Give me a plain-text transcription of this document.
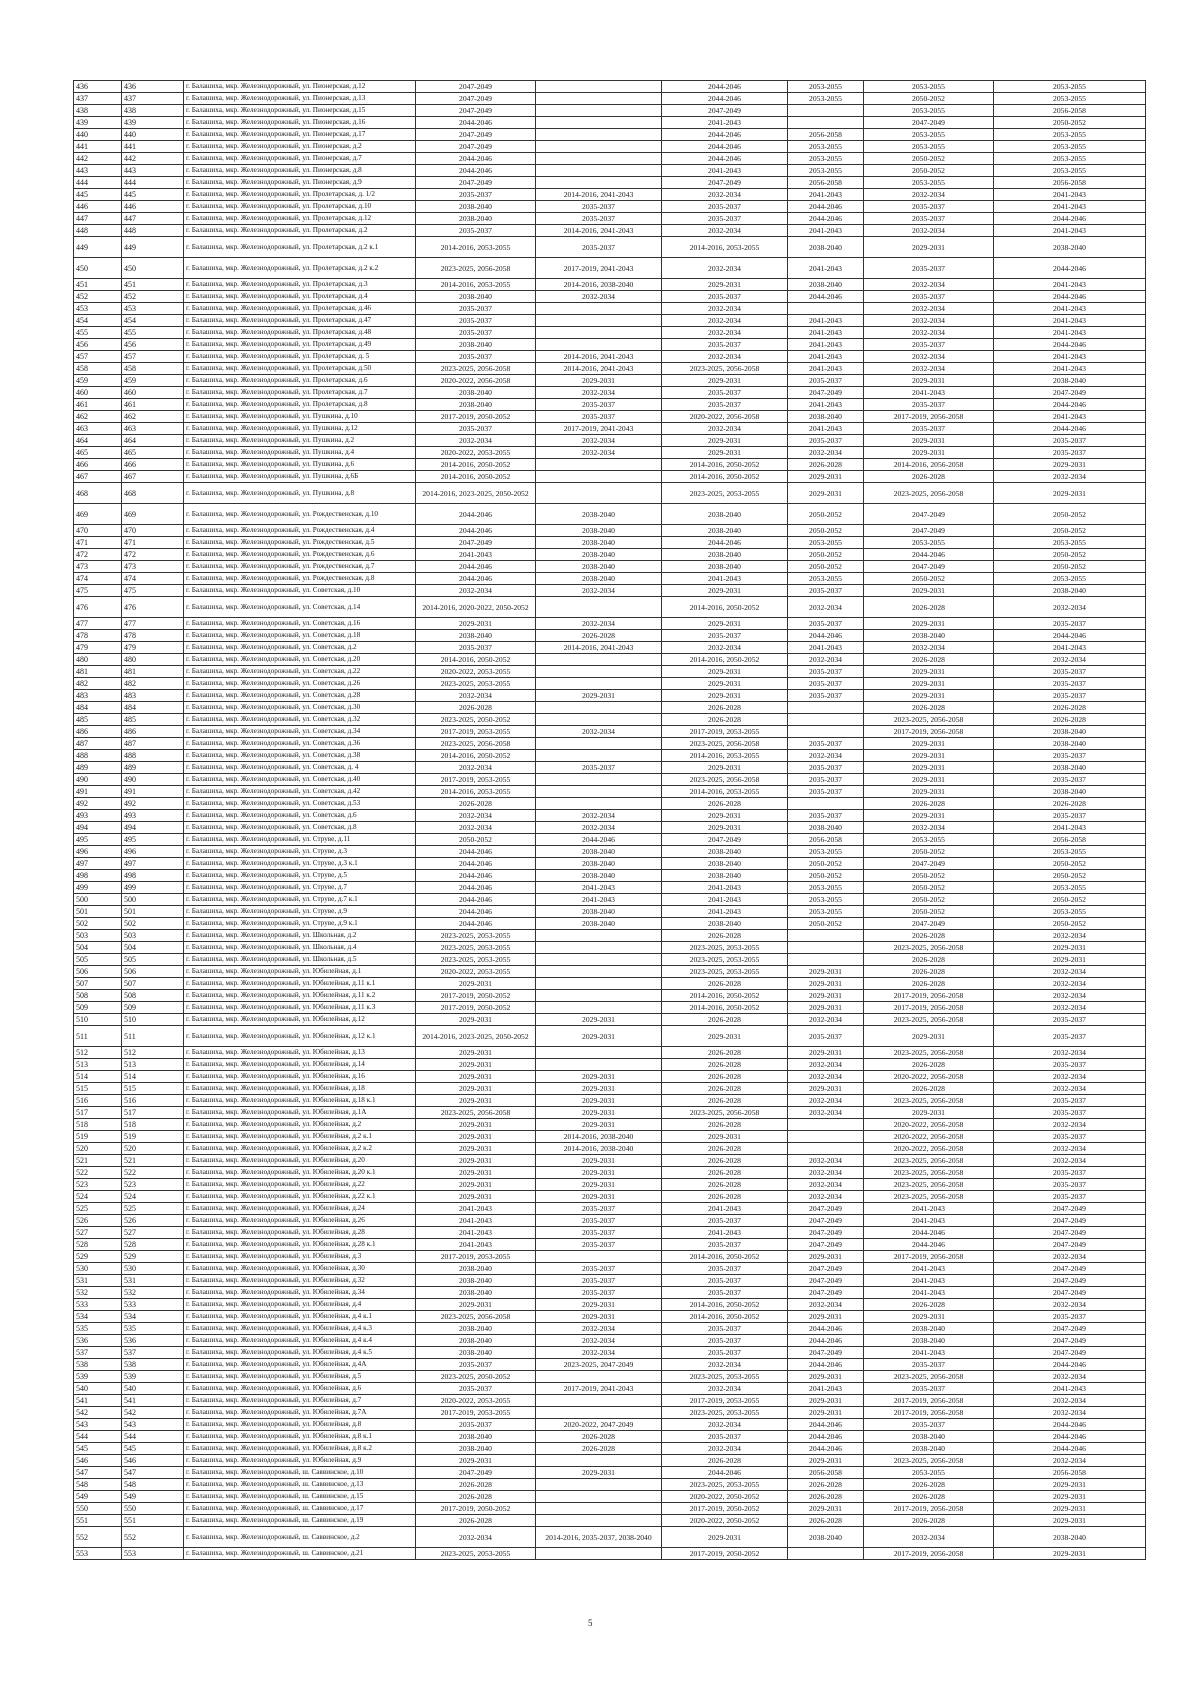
436	436	г. Балашиха, мкр. Железнодорожный, ул. Пионерская, д.12	2047-2049		2044-2046	2053-2055	2053-2055	2053-2055
437	437	г. Балашиха, мкр. Железнодорожный, ул. Пионерская, д.13	2047-2049		2044-2046	2053-2055	2050-2052	2053-2055
438	438	г. Балашиха, мкр. Железнодорожный, ул. Пионерская, д.15	2047-2049		2047-2049		2053-2055	2056-2058
439	439	г. Балашиха, мкр. Железнодорожный, ул. Пионерская, д.16	2044-2046		2041-2043		2047-2049	2050-2052
440	440	г. Балашиха, мкр. Железнодорожный, ул. Пионерская, д.17	2047-2049		2044-2046	2056-2058	2053-2055	2053-2055
441	441	г. Балашиха, мкр. Железнодорожный, ул. Пионерская, д.2	2047-2049		2044-2046	2053-2055	2053-2055	2053-2055
442	442	г. Балашиха, мкр. Железнодорожный, ул. Пионерская, д.7	2044-2046		2044-2046	2053-2055	2050-2052	2053-2055
443	443	г. Балашиха, мкр. Железнодорожный, ул. Пионерская, д.8	2044-2046		2041-2043	2053-2055	2050-2052	2053-2055
444	444	г. Балашиха, мкр. Железнодорожный, ул. Пионерская, д.9	2047-2049		2047-2049	2056-2058	2053-2055	2056-2058
445	445	г. Балашиха, мкр. Железнодорожный, ул. Пролетарская, д. 1/2	2035-2037	2014-2016, 2041-2043	2032-2034	2041-2043	2032-2034	2041-2043
446	446	г. Балашиха, мкр. Железнодорожный, ул. Пролетарская, д.10	2038-2040	2035-2037	2035-2037	2044-2046	2035-2037	2041-2043
447	447	г. Балашиха, мкр. Железнодорожный, ул. Пролетарская, д.12	2038-2040	2035-2037	2035-2037	2044-2046	2035-2037	2044-2046
448	448	г. Балашиха, мкр. Железнодорожный, ул. Пролетарская, д.2	2035-2037	2014-2016, 2041-2043	2032-2034	2041-2043	2032-2034	2041-2043
449	449	г. Балашиха, мкр. Железнодорожный, ул. Пролетарская, д.2 к.1	2014-2016, 2053-2055	2035-2037	2014-2016, 2053-2055	2038-2040	2029-2031	2038-2040
450	450	г. Балашиха, мкр. Железнодорожный, ул. Пролетарская, д.2 к.2	2023-2025, 2056-2058	2017-2019, 2041-2043	2032-2034	2041-2043	2035-2037	2044-2046
451	451	г. Балашиха, мкр. Железнодорожный, ул. Пролетарская, д.3	2014-2016, 2053-2055	2014-2016, 2038-2040	2029-2031	2038-2040	2032-2034	2041-2043
452	452	г. Балашиха, мкр. Железнодорожный, ул. Пролетарская, д.4	2038-2040	2032-2034	2035-2037	2044-2046	2035-2037	2044-2046
453	453	г. Балашиха, мкр. Железнодорожный, ул. Пролетарская, д.46	2035-2037		2032-2034		2032-2034	2041-2043
454	454	г. Балашиха, мкр. Железнодорожный, ул. Пролетарская, д.47	2035-2037		2032-2034	2041-2043	2032-2034	2041-2043
455	455	г. Балашиха, мкр. Железнодорожный, ул. Пролетарская, д.48	2035-2037		2032-2034	2041-2043	2032-2034	2041-2043
456	456	г. Балашиха, мкр. Железнодорожный, ул. Пролетарская, д.49	2038-2040		2035-2037	2041-2043	2035-2037	2044-2046
457	457	г. Балашиха, мкр. Железнодорожный, ул. Пролетарская, д. 5	2035-2037	2014-2016, 2041-2043	2032-2034	2041-2043	2032-2034	2041-2043
458	458	г. Балашиха, мкр. Железнодорожный, ул. Пролетарская, д.50	2023-2025, 2056-2058	2014-2016, 2041-2043	2023-2025, 2056-2058	2041-2043	2032-2034	2041-2043
459	459	г. Балашиха, мкр. Железнодорожный, ул. Пролетарская, д.6	2020-2022, 2056-2058	2029-2031	2029-2031	2035-2037	2029-2031	2038-2040
460	460	г. Балашиха, мкр. Железнодорожный, ул. Пролетарская, д.7	2038-2040	2032-2034	2035-2037	2047-2049	2041-2043	2047-2049
461	461	г. Балашиха, мкр. Железнодорожный, ул. Пролетарская, д.8	2038-2040	2035-2037	2035-2037	2041-2043	2035-2037	2044-2046
462	462	г. Балашиха, мкр. Железнодорожный, ул. Пушкина, д.10	2017-2019, 2050-2052	2035-2037	2020-2022, 2056-2058	2038-2040	2017-2019, 2056-2058	2041-2043
463	463	г. Балашиха, мкр. Железнодорожный, ул. Пушкина, д.12	2035-2037	2017-2019, 2041-2043	2032-2034	2041-2043	2035-2037	2044-2046
464	464	г. Балашиха, мкр. Железнодорожный, ул. Пушкина, д.2	2032-2034	2032-2034	2029-2031	2035-2037	2029-2031	2035-2037
465	465	г. Балашиха, мкр. Железнодорожный, ул. Пушкина, д.4	2020-2022, 2053-2055	2032-2034	2029-2031	2032-2034	2029-2031	2035-2037
466	466	г. Балашиха, мкр. Железнодорожный, ул. Пушкина, д.6	2014-2016, 2050-2052		2014-2016, 2050-2052	2026-2028	2014-2016, 2056-2058	2029-2031
467	467	г. Балашиха, мкр. Железнодорожный, ул. Пушкина, д.6Б	2014-2016, 2050-2052		2014-2016, 2050-2052	2029-2031	2026-2028	2032-2034
468	468	г. Балашиха, мкр. Железнодорожный, ул. Пушкина, д.8	2014-2016, 2023-2025, 2050-2052		2023-2025, 2053-2055	2029-2031	2023-2025, 2056-2058	2029-2031
469	469	г. Балашиха, мкр. Железнодорожный, ул. Рождественская, д.10	2044-2046	2038-2040	2038-2040	2050-2052	2047-2049	2050-2052
470	470	г. Балашиха, мкр. Железнодорожный, ул. Рождественская, д.4	2044-2046	2038-2040	2038-2040	2050-2052	2047-2049	2050-2052
471	471	г. Балашиха, мкр. Железнодорожный, ул. Рождественская, д.5	2047-2049	2038-2040	2044-2046	2053-2055	2053-2055	2053-2055
472	472	г. Балашиха, мкр. Железнодорожный, ул. Рождественская, д.6	2041-2043	2038-2040	2038-2040	2050-2052	2044-2046	2050-2052
473	473	г. Балашиха, мкр. Железнодорожный, ул. Рождественская, д.7	2044-2046	2038-2040	2038-2040	2050-2052	2047-2049	2050-2052
474	474	г. Балашиха, мкр. Железнодорожный, ул. Рождественская, д.8	2044-2046	2038-2040	2041-2043	2053-2055	2050-2052	2053-2055
475	475	г. Балашиха, мкр. Железнодорожный, ул. Советская, д.10	2032-2034	2032-2034	2029-2031	2035-2037	2029-2031	2038-2040
476	476	г. Балашиха, мкр. Железнодорожный, ул. Советская, д.14	2014-2016, 2020-2022, 2050-2052		2014-2016, 2050-2052	2032-2034	2026-2028	2032-2034
477	477	г. Балашиха, мкр. Железнодорожный, ул. Советская, д.16	2029-2031	2032-2034	2029-2031	2035-2037	2029-2031	2035-2037
478	478	г. Балашиха, мкр. Железнодорожный, ул. Советская, д.18	2038-2040	2026-2028	2035-2037	2044-2046	2038-2040	2044-2046
479	479	г. Балашиха, мкр. Железнодорожный, ул. Советская, д.2	2035-2037	2014-2016, 2041-2043	2032-2034	2041-2043	2032-2034	2041-2043
480	480	г. Балашиха, мкр. Железнодорожный, ул. Советская, д.20	2014-2016, 2050-2052		2014-2016, 2050-2052	2032-2034	2026-2028	2032-2034
481	481	г. Балашиха, мкр. Железнодорожный, ул. Советская, д.22	2020-2022, 2053-2055		2029-2031	2035-2037	2029-2031	2035-2037
482	482	г. Балашиха, мкр. Железнодорожный, ул. Советская, д.26	2023-2025, 2053-2055		2029-2031	2035-2037	2029-2031	2035-2037
483	483	г. Балашиха, мкр. Железнодорожный, ул. Советская, д.28	2032-2034	2029-2031	2029-2031	2035-2037	2029-2031	2035-2037
484	484	г. Балашиха, мкр. Железнодорожный, ул. Советская, д.30	2026-2028		2026-2028		2026-2028	2026-2028
485	485	г. Балашиха, мкр. Железнодорожный, ул. Советская, д.32	2023-2025, 2050-2052		2026-2028		2023-2025, 2056-2058	2026-2028
486	486	г. Балашиха, мкр. Железнодорожный, ул. Советская, д.34	2017-2019, 2053-2055	2032-2034	2017-2019, 2053-2055		2017-2019, 2056-2058	2038-2040
487	487	г. Балашиха, мкр. Железнодорожный, ул. Советская, д.36	2023-2025, 2056-2058		2023-2025, 2056-2058	2035-2037	2029-2031	2038-2040
488	488	г. Балашиха, мкр. Железнодорожный, ул. Советская, д.38	2014-2016, 2050-2052		2014-2016, 2053-2055	2032-2034	2029-2031	2035-2037
489	489	г. Балашиха, мкр. Железнодорожный, ул. Советская, д. 4	2032-2034	2035-2037	2029-2031	2035-2037	2029-2031	2038-2040
490	490	г. Балашиха, мкр. Железнодорожный, ул. Советская, д.40	2017-2019, 2053-2055		2023-2025, 2056-2058	2035-2037	2029-2031	2035-2037
491	491	г. Балашиха, мкр. Железнодорожный, ул. Советская, д.42	2014-2016, 2053-2055		2014-2016, 2053-2055	2035-2037	2029-2031	2038-2040
492	492	г. Балашиха, мкр. Железнодорожный, ул. Советская, д.53	2026-2028		2026-2028		2026-2028	2026-2028
493	493	г. Балашиха, мкр. Железнодорожный, ул. Советская, д.6	2032-2034	2032-2034	2029-2031	2035-2037	2029-2031	2035-2037
494	494	г. Балашиха, мкр. Железнодорожный, ул. Советская, д.8	2032-2034	2032-2034	2029-2031	2038-2040	2032-2034	2041-2043
495	495	г. Балашиха, мкр. Железнодорожный, ул. Струве, д.11	2050-2052	2044-2046	2047-2049	2056-2058	2053-2055	2056-2058
496	496	г. Балашиха, мкр. Железнодорожный, ул. Струве, д.3	2044-2046	2038-2040	2038-2040	2053-2055	2050-2052	2053-2055
497	497	г. Балашиха, мкр. Железнодорожный, ул. Струве, д.3 к.1	2044-2046	2038-2040	2038-2040	2050-2052	2047-2049	2050-2052
498	498	г. Балашиха, мкр. Железнодорожный, ул. Струве, д.5	2044-2046	2038-2040	2038-2040	2050-2052	2050-2052	2050-2052
499	499	г. Балашиха, мкр. Железнодорожный, ул. Струве, д.7	2044-2046	2041-2043	2041-2043	2053-2055	2050-2052	2053-2055
500	500	г. Балашиха, мкр. Железнодорожный, ул. Струве, д.7 к.1	2044-2046	2041-2043	2041-2043	2053-2055	2050-2052	2050-2052
501	501	г. Балашиха, мкр. Железнодорожный, ул. Струве, д.9	2044-2046	2038-2040	2041-2043	2053-2055	2050-2052	2053-2055
502	502	г. Балашиха, мкр. Железнодорожный, ул. Струве, д.9 к.1	2044-2046	2038-2040	2038-2040	2050-2052	2047-2049	2050-2052
503	503	г. Балашиха, мкр. Железнодорожный, ул. Школьная, д.2	2023-2025, 2053-2055		2026-2028		2026-2028	2032-2034
504	504	г. Балашиха, мкр. Железнодорожный, ул. Школьная, д.4	2023-2025, 2053-2055		2023-2025, 2053-2055		2023-2025, 2056-2058	2029-2031
505	505	г. Балашиха, мкр. Железнодорожный, ул. Школьная, д.5	2023-2025, 2053-2055		2023-2025, 2053-2055		2026-2028	2029-2031
506	506	г. Балашиха, мкр. Железнодорожный, ул. Юбилейная, д.1	2020-2022, 2053-2055		2023-2025, 2053-2055	2029-2031	2026-2028	2032-2034
507	507	г. Балашиха, мкр. Железнодорожный, ул. Юбилейная, д.11 к.1	2029-2031		2026-2028	2029-2031	2026-2028	2032-2034
508	508	г. Балашиха, мкр. Железнодорожный, ул. Юбилейная, д.11 к.2	2017-2019, 2050-2052		2014-2016, 2050-2052	2029-2031	2017-2019, 2056-2058	2032-2034
509	509	г. Балашиха, мкр. Железнодорожный, ул. Юбилейная, д.11 к.3	2017-2019, 2050-2052		2014-2016, 2050-2052	2029-2031	2017-2019, 2056-2058	2032-2034
510	510	г. Балашиха, мкр. Железнодорожный, ул. Юбилейная, д.12	2029-2031	2029-2031	2026-2028	2032-2034	2023-2025, 2056-2058	2035-2037
511	511	г. Балашиха, мкр. Железнодорожный, ул. Юбилейная, д.12 к.1	2014-2016, 2023-2025, 2050-2052	2029-2031	2029-2031	2035-2037	2029-2031	2035-2037
512	512	г. Балашиха, мкр. Железнодорожный, ул. Юбилейная, д.13	2029-2031		2026-2028	2029-2031	2023-2025, 2056-2058	2032-2034
513	513	г. Балашиха, мкр. Железнодорожный, ул. Юбилейная, д.14	2029-2031		2026-2028	2032-2034	2026-2028	2035-2037
514	514	г. Балашиха, мкр. Железнодорожный, ул. Юбилейная, д.16	2029-2031	2029-2031	2026-2028	2032-2034	2020-2022, 2056-2058	2032-2034
515	515	г. Балашиха, мкр. Железнодорожный, ул. Юбилейная, д.18	2029-2031	2029-2031	2026-2028	2029-2031	2026-2028	2032-2034
516	516	г. Балашиха, мкр. Железнодорожный, ул. Юбилейная, д.18 к.1	2029-2031	2029-2031	2026-2028	2032-2034	2023-2025, 2056-2058	2035-2037
517	517	г. Балашиха, мкр. Железнодорожный, ул. Юбилейная, д.1А	2023-2025, 2056-2058	2029-2031	2023-2025, 2056-2058	2032-2034	2029-2031	2035-2037
518	518	г. Балашиха, мкр. Железнодорожный, ул. Юбилейная, д.2	2029-2031	2029-2031	2026-2028		2020-2022, 2056-2058	2032-2034
519	519	г. Балашиха, мкр. Железнодорожный, ул. Юбилейная, д.2 к.1	2029-2031	2014-2016, 2038-2040	2029-2031		2020-2022, 2056-2058	2035-2037
520	520	г. Балашиха, мкр. Железнодорожный, ул. Юбилейная, д.2 к.2	2029-2031	2014-2016, 2038-2040	2026-2028		2020-2022, 2056-2058	2032-2034
521	521	г. Балашиха, мкр. Железнодорожный, ул. Юбилейная, д.20	2029-2031	2029-2031	2026-2028	2032-2034	2023-2025, 2056-2058	2032-2034
522	522	г. Балашиха, мкр. Железнодорожный, ул. Юбилейная, д.20 к.1	2029-2031	2029-2031	2026-2028	2032-2034	2023-2025, 2056-2058	2035-2037
523	523	г. Балашиха, мкр. Железнодорожный, ул. Юбилейная, д.22	2029-2031	2029-2031	2026-2028	2032-2034	2023-2025, 2056-2058	2035-2037
524	524	г. Балашиха, мкр. Железнодорожный, ул. Юбилейная, д.22 к.1	2029-2031	2029-2031	2026-2028	2032-2034	2023-2025, 2056-2058	2035-2037
525	525	г. Балашиха, мкр. Железнодорожный, ул. Юбилейная, д.24	2041-2043	2035-2037	2041-2043	2047-2049	2041-2043	2047-2049
526	526	г. Балашиха, мкр. Железнодорожный, ул. Юбилейная, д.26	2041-2043	2035-2037	2035-2037	2047-2049	2041-2043	2047-2049
527	527	г. Балашиха, мкр. Железнодорожный, ул. Юбилейная, д.28	2041-2043	2035-2037	2041-2043	2047-2049	2044-2046	2047-2049
528	528	г. Балашиха, мкр. Железнодорожный, ул. Юбилейная, д.28 к.1	2041-2043	2035-2037	2035-2037	2047-2049	2044-2046	2047-2049
529	529	г. Балашиха, мкр. Железнодорожный, ул. Юбилейная, д.3	2017-2019, 2053-2055		2014-2016, 2050-2052	2029-2031	2017-2019, 2056-2058	2032-2034
530	530	г. Балашиха, мкр. Железнодорожный, ул. Юбилейная, д.30	2038-2040	2035-2037	2035-2037	2047-2049	2041-2043	2047-2049
531	531	г. Балашиха, мкр. Железнодорожный, ул. Юбилейная, д.32	2038-2040	2035-2037	2035-2037	2047-2049	2041-2043	2047-2049
532	532	г. Балашиха, мкр. Железнодорожный, ул. Юбилейная, д.34	2038-2040	2035-2037	2035-2037	2047-2049	2041-2043	2047-2049
533	533	г. Балашиха, мкр. Железнодорожный, ул. Юбилейная, д.4	2029-2031	2029-2031	2014-2016, 2050-2052	2032-2034	2026-2028	2032-2034
534	534	г. Балашиха, мкр. Железнодорожный, ул. Юбилейная, д.4 к.1	2023-2025, 2056-2058	2029-2031	2014-2016, 2050-2052	2029-2031	2029-2031	2035-2037
535	535	г. Балашиха, мкр. Железнодорожный, ул. Юбилейная, д.4 к.3	2038-2040	2032-2034	2035-2037	2044-2046	2038-2040	2047-2049
536	536	г. Балашиха, мкр. Железнодорожный, ул. Юбилейная, д.4 к.4	2038-2040	2032-2034	2035-2037	2044-2046	2038-2040	2047-2049
537	537	г. Балашиха, мкр. Железнодорожный, ул. Юбилейная, д.4 к.5	2038-2040	2032-2034	2035-2037	2047-2049	2041-2043	2047-2049
538	538	г. Балашиха, мкр. Железнодорожный, ул. Юбилейная, д.4А	2035-2037	2023-2025, 2047-2049	2032-2034	2044-2046	2035-2037	2044-2046
539	539	г. Балашиха, мкр. Железнодорожный, ул. Юбилейная, д.5	2023-2025, 2050-2052		2023-2025, 2053-2055	2029-2031	2023-2025, 2056-2058	2032-2034
540	540	г. Балашиха, мкр. Железнодорожный, ул. Юбилейная, д.6	2035-2037	2017-2019, 2041-2043	2032-2034	2041-2043	2035-2037	2041-2043
541	541	г. Балашиха, мкр. Железнодорожный, ул. Юбилейная, д.7	2020-2022, 2053-2055		2017-2019, 2053-2055	2029-2031	2017-2019, 2056-2058	2032-2034
542	542	г. Балашиха, мкр. Железнодорожный, ул. Юбилейная, д.7А	2017-2019, 2053-2055		2023-2025, 2053-2055	2029-2031	2017-2019, 2056-2058	2032-2034
543	543	г. Балашиха, мкр. Железнодорожный, ул. Юбилейная, д.8	2035-2037	2020-2022, 2047-2049	2032-2034	2044-2046	2035-2037	2044-2046
544	544	г. Балашиха, мкр. Железнодорожный, ул. Юбилейная, д.8 к.1	2038-2040	2026-2028	2035-2037	2044-2046	2038-2040	2044-2046
545	545	г. Балашиха, мкр. Железнодорожный, ул. Юбилейная, д.8 к.2	2038-2040	2026-2028	2032-2034	2044-2046	2038-2040	2044-2046
546	546	г. Балашиха, мкр. Железнодорожный, ул. Юбилейная, д.9	2029-2031		2026-2028	2029-2031	2023-2025, 2056-2058	2032-2034
547	547	г. Балашиха, мкр. Железнодорожный, ш. Саввинское, д.10	2047-2049	2029-2031	2044-2046	2056-2058	2053-2055	2056-2058
548	548	г. Балашиха, мкр. Железнодорожный, ш. Саввинское, д.13	2026-2028		2023-2025, 2053-2055	2026-2028	2026-2028	2029-2031
549	549	г. Балашиха, мкр. Железнодорожный, ш. Саввинское, д.15	2026-2028		2020-2022, 2050-2052	2026-2028	2026-2028	2029-2031
550	550	г. Балашиха, мкр. Железнодорожный, ш. Саввинское, д.17	2017-2019, 2050-2052		2017-2019, 2050-2052	2029-2031	2017-2019, 2056-2058	2029-2031
551	551	г. Балашиха, мкр. Железнодорожный, ш. Саввинское, д.19	2026-2028		2020-2022, 2050-2052	2026-2028	2026-2028	2029-2031
552	552	г. Балашиха, мкр. Железнодорожный, ш. Саввинское, д.2	2032-2034	2014-2016, 2035-2037, 2038-2040	2029-2031	2038-2040	2032-2034	2038-2040
553	553	г. Балашиха, мкр. Железнодорожный, ш. Саввинское, д.21	2023-2025, 2053-2055		2017-2019, 2050-2052		2017-2019, 2056-2058	2029-2031
5
